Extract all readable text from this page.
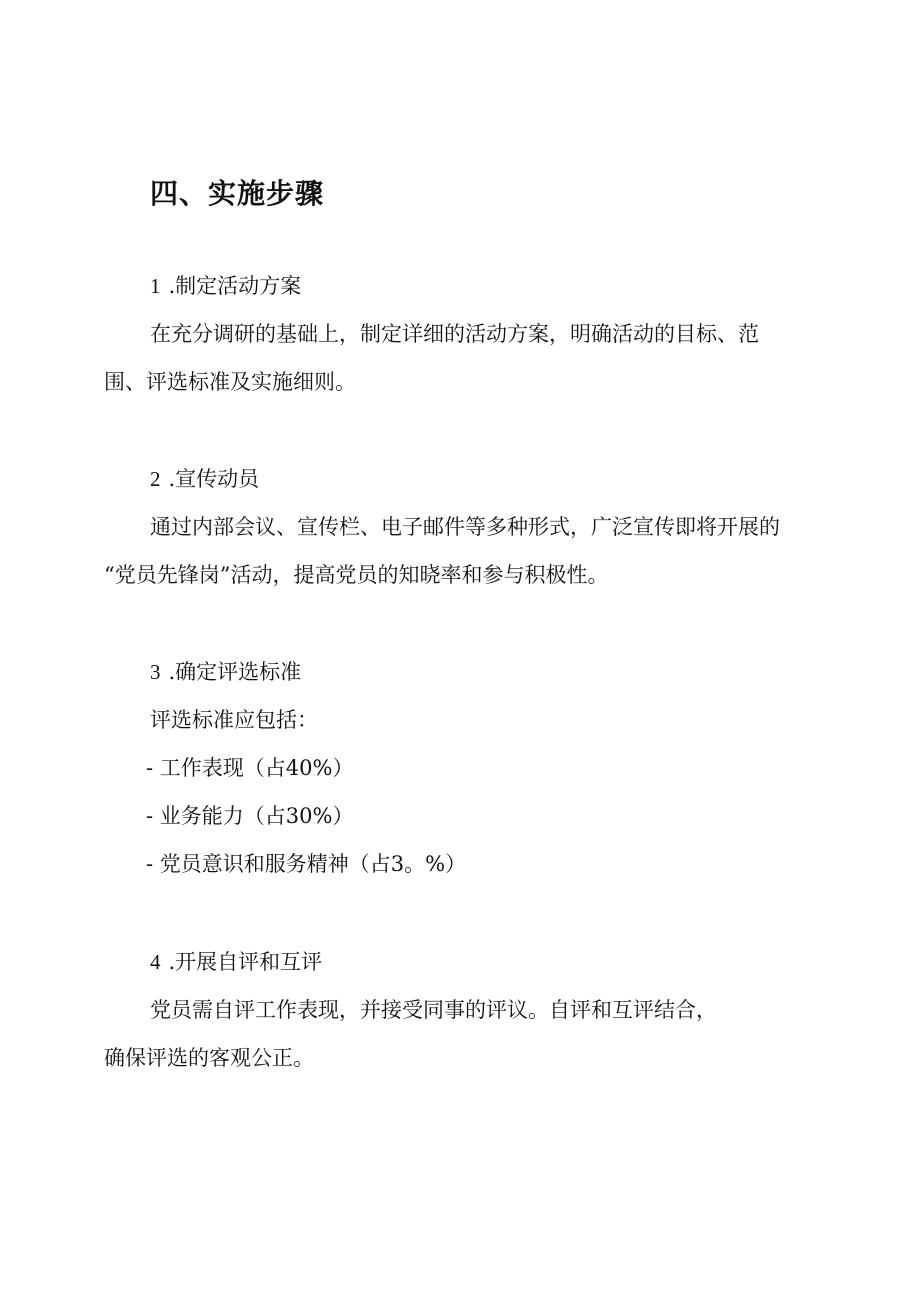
四、实施步骤
1 .制定活动方案
在充分调研的基础上，制定详细的活动方案，明确活动的目标、范
围、评选标准及实施细则。
2 .宣传动员
通过内部会议、宣传栏、电子邮件等多种形式，广泛宣传即将开展的
“党员先锋岗”活动，提高党员的知晓率和参与积极性。
3 .确定评选标准
评选标准应包括：
- 工作表现（占40%）
- 业务能力（占30%）
- 党员意识和服务精神（占3。%）
4 .开展自评和互评
党员需自评工作表现，并接受同事的评议。自评和互评结合，
确保评选的客观公正。
